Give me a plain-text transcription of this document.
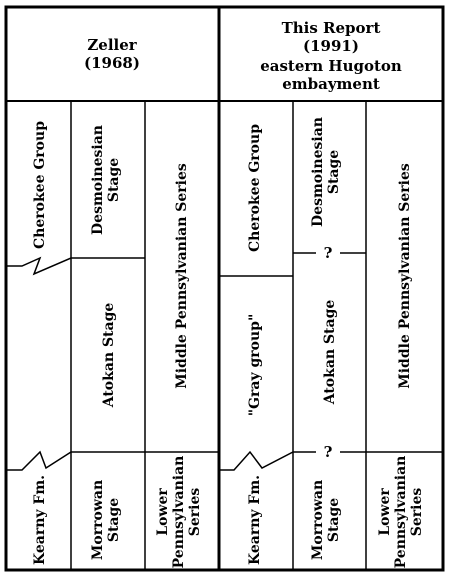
Zeller
(1968)
This Report
(1991)
eastern Hugoton
embayment
Cherokee Group
Kearny Fm.
Desmoinesian Stage
Atokan Stage
Morrowan Stage
Middle Pennsylvanian Series
Lower Pennsylvanian Series
Cherokee Group
"Gray group"
Kearny Fm.
Desmoinesian Stage
Atokan Stage
Morrowan Stage
Middle Pennsylvanian Series
Lower Pennsylvanian Series
?
?
